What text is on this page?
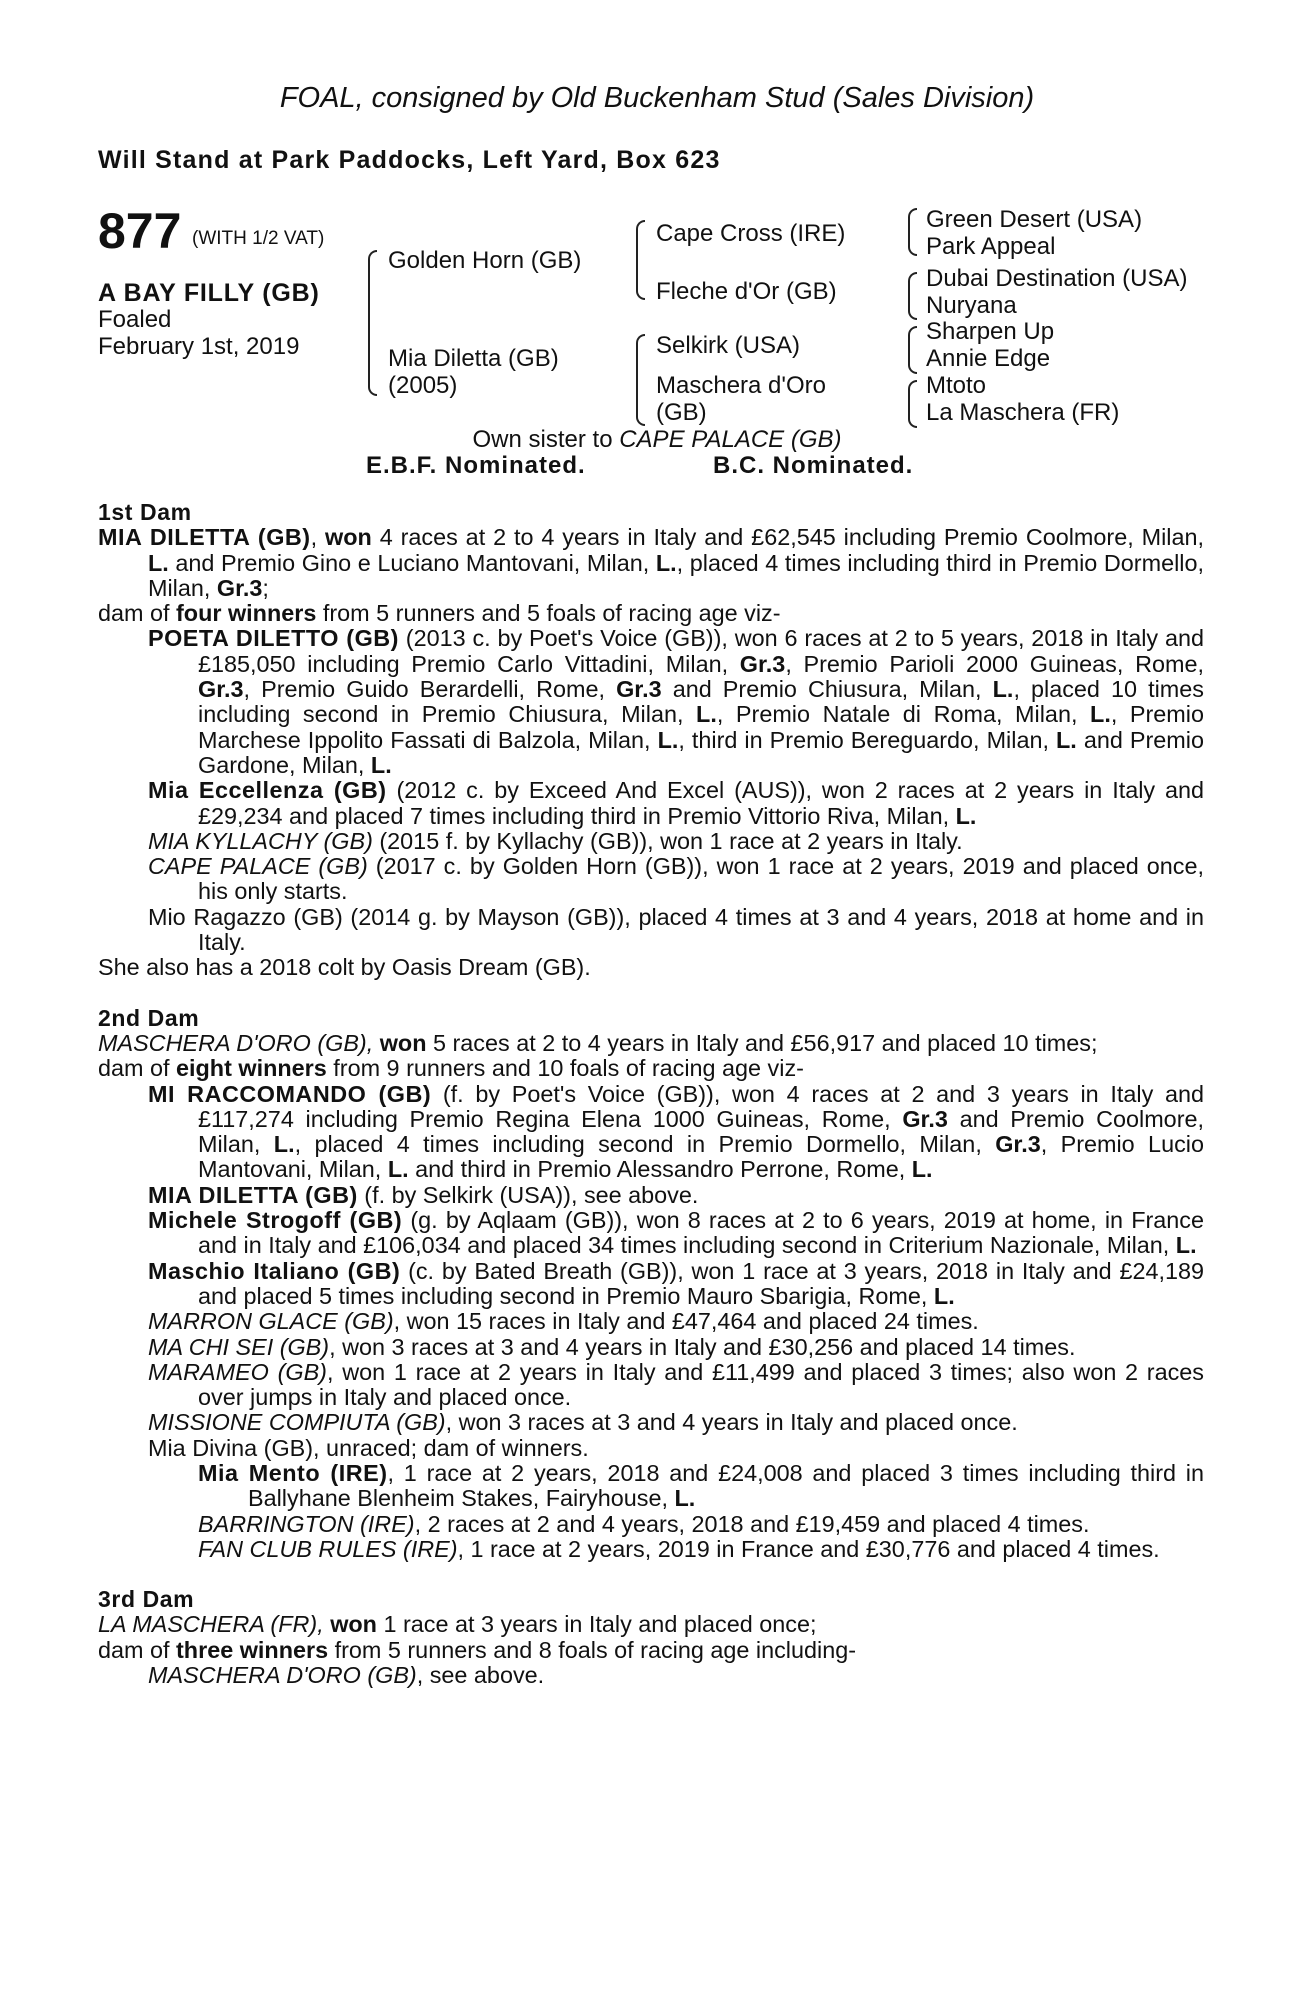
FOAL, consigned by Old Buckenham Stud (Sales Division)
Will Stand at Park Paddocks, Left Yard, Box 623
877 (WITH 1/2 VAT)
A BAY FILLY (GB)
Foaled
February 1st, 2019
Golden Horn (GB)
Mia Diletta (GB)
(2005)
Cape Cross (IRE)
Fleche d'Or (GB)
Selkirk (USA)
Maschera d'Oro
(GB)
Green Desert (USA)
Park Appeal
Dubai Destination (USA)
Nuryana
Sharpen Up
Annie Edge
Mtoto
La Maschera (FR)
Own sister to CAPE PALACE (GB)
E.B.F. Nominated.	B.C. Nominated.
1st Dam
MIA DILETTA (GB), won 4 races at 2 to 4 years in Italy and £62,545 including Premio Coolmore, Milan, L. and Premio Gino e Luciano Mantovani, Milan, L., placed 4 times including third in Premio Dormello, Milan, Gr.3;
dam of four winners from 5 runners and 5 foals of racing age viz-
POETA DILETTO (GB) (2013 c. by Poet's Voice (GB)), won 6 races at 2 to 5 years, 2018 in Italy and £185,050 including Premio Carlo Vittadini, Milan, Gr.3, Premio Parioli 2000 Guineas, Rome, Gr.3, Premio Guido Berardelli, Rome, Gr.3 and Premio Chiusura, Milan, L., placed 10 times including second in Premio Chiusura, Milan, L., Premio Natale di Roma, Milan, L., Premio Marchese Ippolito Fassati di Balzola, Milan, L., third in Premio Bereguardo, Milan, L. and Premio Gardone, Milan, L.
Mia Eccellenza (GB) (2012 c. by Exceed And Excel (AUS)), won 2 races at 2 years in Italy and £29,234 and placed 7 times including third in Premio Vittorio Riva, Milan, L.
MIA KYLLACHY (GB) (2015 f. by Kyllachy (GB)), won 1 race at 2 years in Italy.
CAPE PALACE (GB) (2017 c. by Golden Horn (GB)), won 1 race at 2 years, 2019 and placed once, his only starts.
Mio Ragazzo (GB) (2014 g. by Mayson (GB)), placed 4 times at 3 and 4 years, 2018 at home and in Italy.
She also has a 2018 colt by Oasis Dream (GB).
2nd Dam
MASCHERA D'ORO (GB), won 5 races at 2 to 4 years in Italy and £56,917 and placed 10 times;
dam of eight winners from 9 runners and 10 foals of racing age viz-
MI RACCOMANDO (GB) (f. by Poet's Voice (GB)), won 4 races at 2 and 3 years in Italy and £117,274 including Premio Regina Elena 1000 Guineas, Rome, Gr.3 and Premio Coolmore, Milan, L., placed 4 times including second in Premio Dormello, Milan, Gr.3, Premio Lucio Mantovani, Milan, L. and third in Premio Alessandro Perrone, Rome, L.
MIA DILETTA (GB) (f. by Selkirk (USA)), see above.
Michele Strogoff (GB) (g. by Aqlaam (GB)), won 8 races at 2 to 6 years, 2019 at home, in France and in Italy and £106,034 and placed 34 times including second in Criterium Nazionale, Milan, L.
Maschio Italiano (GB) (c. by Bated Breath (GB)), won 1 race at 3 years, 2018 in Italy and £24,189 and placed 5 times including second in Premio Mauro Sbarigia, Rome, L.
MARRON GLACE (GB), won 15 races in Italy and £47,464 and placed 24 times.
MA CHI SEI (GB), won 3 races at 3 and 4 years in Italy and £30,256 and placed 14 times.
MARAMEO (GB), won 1 race at 2 years in Italy and £11,499 and placed 3 times; also won 2 races over jumps in Italy and placed once.
MISSIONE COMPIUTA (GB), won 3 races at 3 and 4 years in Italy and placed once.
Mia Divina (GB), unraced; dam of winners.
Mia Mento (IRE), 1 race at 2 years, 2018 and £24,008 and placed 3 times including third in Ballyhane Blenheim Stakes, Fairyhouse, L.
BARRINGTON (IRE), 2 races at 2 and 4 years, 2018 and £19,459 and placed 4 times.
FAN CLUB RULES (IRE), 1 race at 2 years, 2019 in France and £30,776 and placed 4 times.
3rd Dam
LA MASCHERA (FR), won 1 race at 3 years in Italy and placed once;
dam of three winners from 5 runners and 8 foals of racing age including-
MASCHERA D'ORO (GB), see above.
